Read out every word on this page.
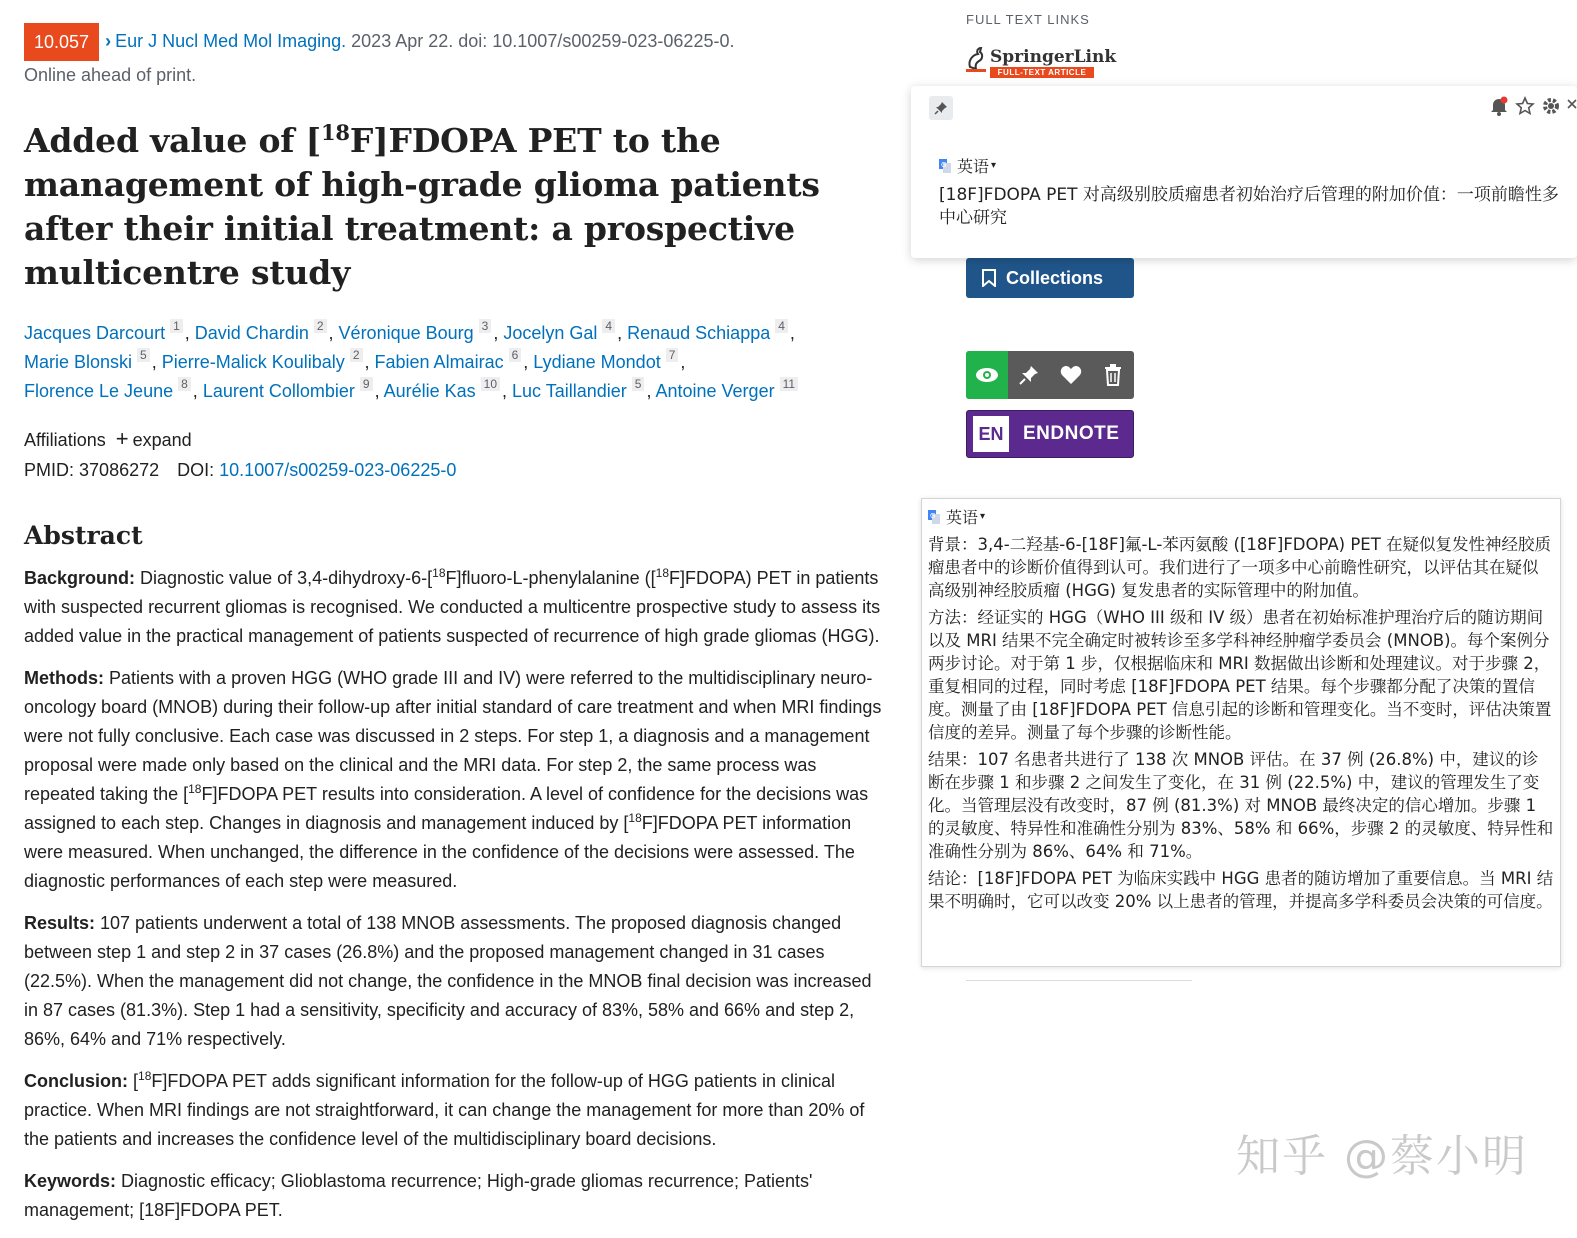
10.057 › Eur J Nucl Med Mol Imaging. 2023 Apr 22. doi: 10.1007/s00259-023-06225-0.
Online ahead of print.
Added value of [$^{18}$F]FDOPA PET to the management of high-grade glioma patients after their initial treatment: a prospective multicentre study
Jacques Darcourt 1 , David Chardin 2 , Véronique Bourg 3 , Jocelyn Gal 4 , Renaud Schiappa 4 ,
Marie Blonski 5 , Pierre-Malick Koulibaly 2 , Fabien Almairac 6 , Lydiane Mondot 7 ,
Florence Le Jeune 8 , Laurent Collombier 9 , Aurélie Kas 10 , Luc Taillandier 5 , Antoine Verger 11
Affiliations + expand
PMID: 37086272 DOI: 10.1007/s00259-023-06225-0
Abstract

Background: Diagnostic value of 3,4-dihydroxy-6-[$^{18}$F]fluoro-L-phenylalanine ([$^{18}$F]FDOPA) PET in patients with suspected recurrent gliomas is recognised. We conducted a multicentre prospective study to assess its added value in the practical management of patients suspected of recurrence of high grade gliomas (HGG).

Methods: Patients with a proven HGG (WHO grade III and IV) were referred to the multidisciplinary neuro-oncology board (MNOB) during their follow-up after initial standard of care treatment and when MRI findings were not fully conclusive. Each case was discussed in 2 steps. For step 1, a diagnosis and a management proposal were made only based on the clinical and the MRI data. For step 2, the same process was repeated taking the [$^{18}$F]FDOPA PET results into consideration. A level of confidence for the decisions was assigned to each step. Changes in diagnosis and management induced by [$^{18}$F]FDOPA PET information were measured. When unchanged, the difference in the confidence of the decisions were assessed. The diagnostic performances of each step were measured.

Results: 107 patients underwent a total of 138 MNOB assessments. The proposed diagnosis changed between step 1 and step 2 in 37 cases (26.8%) and the proposed management changed in 31 cases (22.5%). When the management did not change, the confidence in the MNOB final decision was increased in 87 cases (81.3%). Step 1 had a sensitivity, specificity and accuracy of 83%, 58% and 66% and step 2, 86%, 64% and 71% respectively.

Conclusion: [$^{18}$F]FDOPA PET adds significant information for the follow-up of HGG patients in clinical practice. When MRI findings are not straightforward, it can change the management for more than 20% of the patients and increases the confidence level of the multidisciplinary board decisions.

Keywords: Diagnostic efficacy; Glioblastoma recurrence; High-grade gliomas recurrence; Patients' management; [18F]FDOPA PET.

FULL TEXT LINKS
SpringerLink
FULL-TEXT ARTICLE
Collections
EN ENDNOTE
G 英语 ▾
[18F]FDOPA PET 对高级别胶质瘤患者初始治疗后管理的附加价值：一项前瞻性多中心研究
G 英语 ▾

背景：3,4-二羟基-6-[18F]氟-L-苯丙氨酸 ([18F]FDOPA) PET 在疑似复发性神经胶质瘤患者中的诊断价值得到认可。我们进行了一项多中心前瞻性研究，以评估其在疑似高级别神经胶质瘤 (HGG) 复发患者的实际管理中的附加值。

方法：经证实的 HGG（WHO III 级和 IV 级）患者在初始标准护理治疗后的随访期间以及 MRI 结果不完全确定时被转诊至多学科神经肿瘤学委员会 (MNOB)。每个案例分两步讨论。对于第 1 步，仅根据临床和 MRI 数据做出诊断和处理建议。对于步骤 2，重复相同的过程，同时考虑 [18F]FDOPA PET 结果。每个步骤都分配了决策的置信度。测量了由 [18F]FDOPA PET 信息引起的诊断和管理变化。当不变时，评估决策置信度的差异。测量了每个步骤的诊断性能。

结果：107 名患者共进行了 138 次 MNOB 评估。在 37 例 (26.8%) 中，建议的诊断在步骤 1 和步骤 2 之间发生了变化，在 31 例 (22.5%) 中，建议的管理发生了变化。当管理层没有改变时，87 例 (81.3%) 对 MNOB 最终决定的信心增加。步骤 1 的灵敏度、特异性和准确性分别为 83%、58% 和 66%，步骤 2 的灵敏度、特异性和准确性分别为 86%、64% 和 71%。

结论：[18F]FDOPA PET 为临床实践中 HGG 患者的随访增加了重要信息。当 MRI 结果不明确时，它可以改变 20% 以上患者的管理，并提高多学科委员会决策的可信度。

知乎 @蔡小明
